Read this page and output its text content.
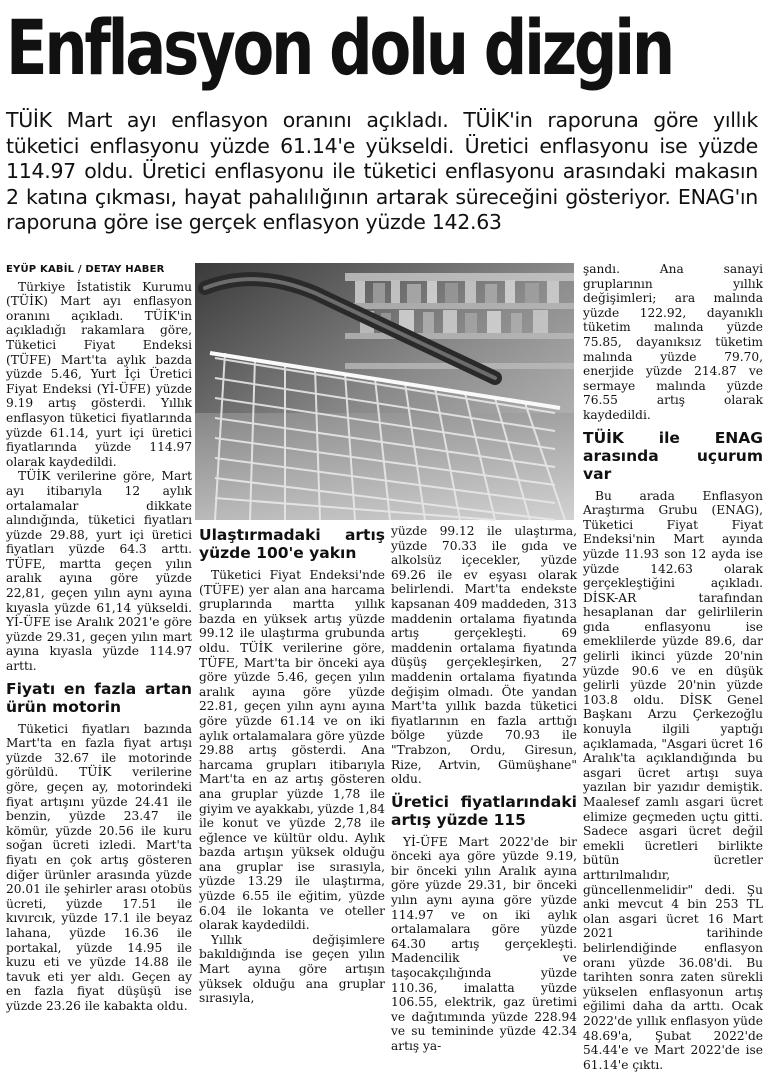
Enflasyon dolu dizgin

TÜİK Mart ayı enflasyon oranını açıkladı. TÜİK'in raporuna göre yıllık tüketici enflasyonu yüzde 61.14'e yükseldi. Üretici enflasyonu ise yüzde 114.97 oldu. Üretici enflasyonu ile tüketici enflasyonu arasındaki makasın 2 katına çıkması, hayat pahalılığının artarak süreceğini gösteriyor. ENAG'ın raporuna göre ise gerçek enflasyon yüzde 142.63

EYÜP KABİL / DETAY HABER

Türkiye İstatistik Kurumu (TÜİK) Mart ayı enflasyon oranını açıkladı. TÜİK'in açıkladığı rakamlara göre, Tüketici Fiyat Endeksi (TÜFE) Mart'ta aylık bazda yüzde 5.46, Yurt İçi Üretici Fiyat Endeksi (Yİ-ÜFE) yüzde 9.19 artış gösterdi. Yıllık enflasyon tüketici fiyatlarında yüzde 61.14, yurt içi üretici fiyatlarında yüzde 114.97 olarak kaydedildi.

TÜİK verilerine göre, Mart ayı itibarıyla 12 aylık ortalamalar dikkate alındığında, tüketici fiyatları yüzde 29.88, yurt içi üretici fiyatları yüzde 64.3 arttı. TÜFE, martta geçen yılın aralık ayına göre yüzde 22,81, geçen yılın aynı ayına kıyasla yüzde 61,14 yükseldi. Yİ-ÜFE ise Aralık 2021'e göre yüzde 29.31, geçen yılın mart ayına kıyasla yüzde 114.97 arttı.

Fiyatı en fazla artan ürün motorin

Tüketici fiyatları bazında Mart'ta en fazla fiyat artışı yüzde 32.67 ile motorinde görüldü. TÜİK verilerine göre, geçen ay, motorindeki fiyat artışını yüzde 24.41 ile benzin, yüzde 23.47 ile kömür, yüzde 20.56 ile kuru soğan ücreti izledi. Mart'ta fiyatı en çok artış gösteren diğer ürünler arasında yüzde 20.01 ile şehirler arası otobüs ücreti, yüzde 17.51 ile kıvırcık, yüzde 17.1 ile beyaz lahana, yüzde 16.36 ile portakal, yüzde 14.95 ile kuzu eti ve yüzde 14.88 ile tavuk eti yer aldı. Geçen ay en fazla fiyat düşüşü ise yüzde 23.26 ile kabakta oldu.

Ulaştırmadaki artış yüzde 100'e yakın

Tüketici Fiyat Endeksi'nde (TÜFE) yer alan ana harcama gruplarında martta yıllık bazda en yüksek artış yüzde 99.12 ile ulaştırma grubunda oldu. TÜİK verilerine göre, TÜFE, Mart'ta bir önceki aya göre yüzde 5.46, geçen yılın aralık ayına göre yüzde 22.81, geçen yılın aynı ayına göre yüzde 61.14 ve on iki aylık ortalamalara göre yüzde 29.88 artış gösterdi. Ana harcama grupları itibarıyla Mart'ta en az artış gösteren ana gruplar yüzde 1,78 ile giyim ve ayakkabı, yüzde 1,84 ile konut ve yüzde 2,78 ile eğlence ve kültür oldu. Aylık bazda artışın yüksek olduğu ana gruplar ise sırasıyla, yüzde 13.29 ile ulaştırma, yüzde 6.55 ile eğitim, yüzde 6.04 ile lokanta ve oteller olarak kaydedildi.

Yıllık değişimlere bakıldığında ise geçen yılın Mart ayına göre artışın yüksek olduğu ana gruplar sırasıyla,

yüzde 99.12 ile ulaştırma, yüzde 70.33 ile gıda ve alkolsüz içecekler, yüzde 69.26 ile ev eşyası olarak belirlendi. Mart'ta endekste kapsanan 409 maddeden, 313 maddenin ortalama fiyatında artış gerçekleşti. 69 maddenin ortalama fiyatında düşüş gerçekleşirken, 27 maddenin ortalama fiyatında değişim olmadı. Öte yandan Mart'ta yıllık bazda tüketici fiyatlarının en fazla arttığı bölge yüzde 70.93 ile "Trabzon, Ordu, Giresun, Rize, Artvin, Gümüşhane" oldu.

Üretici fiyatlarındaki artış yüzde 115

Yİ-ÜFE Mart 2022'de bir önceki aya göre yüzde 9.19, bir önceki yılın Aralık ayına göre yüzde 29.31, bir önceki yılın aynı ayına göre yüzde 114.97 ve on iki aylık ortalamalara göre yüzde 64.30 artış gerçekleşti. Madencilik ve taşocakçılığında yüzde 110.36, imalatta yüzde 106.55, elektrik, gaz üretimi ve dağıtımında yüzde 228.94 ve su temininde yüzde 42.34 artış ya-

şandı. Ana sanayi gruplarının yıllık değişimleri; ara malında yüzde 122.92, dayanıklı tüketim malında yüzde 75.85, dayanıksız tüketim malında yüzde 79.70, enerjide yüzde 214.87 ve sermaye malında yüzde 76.55 artış olarak kaydedildi.

TÜİK ile ENAG arasında uçurum var

Bu arada Enflasyon Araştırma Grubu (ENAG), Tüketici Fiyat Fiyat Endeksi'nin Mart ayında yüzde 11.93 son 12 ayda ise yüzde 142.63 olarak gerçekleştiğini açıkladı. DİSK-AR tarafından hesaplanan dar gelirlilerin gıda enflasyonu ise emeklilerde yüzde 89.6, dar gelirli ikinci yüzde 20'nin yüzde 90.6 ve en düşük gelirli yüzde 20'nin yüzde 103.8 oldu. DİSK Genel Başkanı Arzu Çerkezoğlu konuyla ilgili yaptığı açıklamada, "Asgari ücret 16 Aralık'ta açıklandığında bu asgari ücret artışı suya yazılan bir yazıdır demiştik. Maalesef zamlı asgari ücret elimize geçmeden uçtu gitti. Sadece asgari ücret değil emekli ücretleri birlikte bütün ücretler arttırılmalıdır, güncellenmelidir" dedi. Şu anki mevcut 4 bin 253 TL olan asgari ücret 16 Mart 2021 tarihinde belirlendiğinde enflasyon oranı yüzde 36.08'di. Bu tarihten sonra zaten sürekli yükselen enflasyonun artış eğilimi daha da arttı. Ocak 2022'de yıllık enflasyon yüde 48.69'a, Şubat 2022'de 54.44'e ve Mart 2022'de ise 61.14'e çıktı.
